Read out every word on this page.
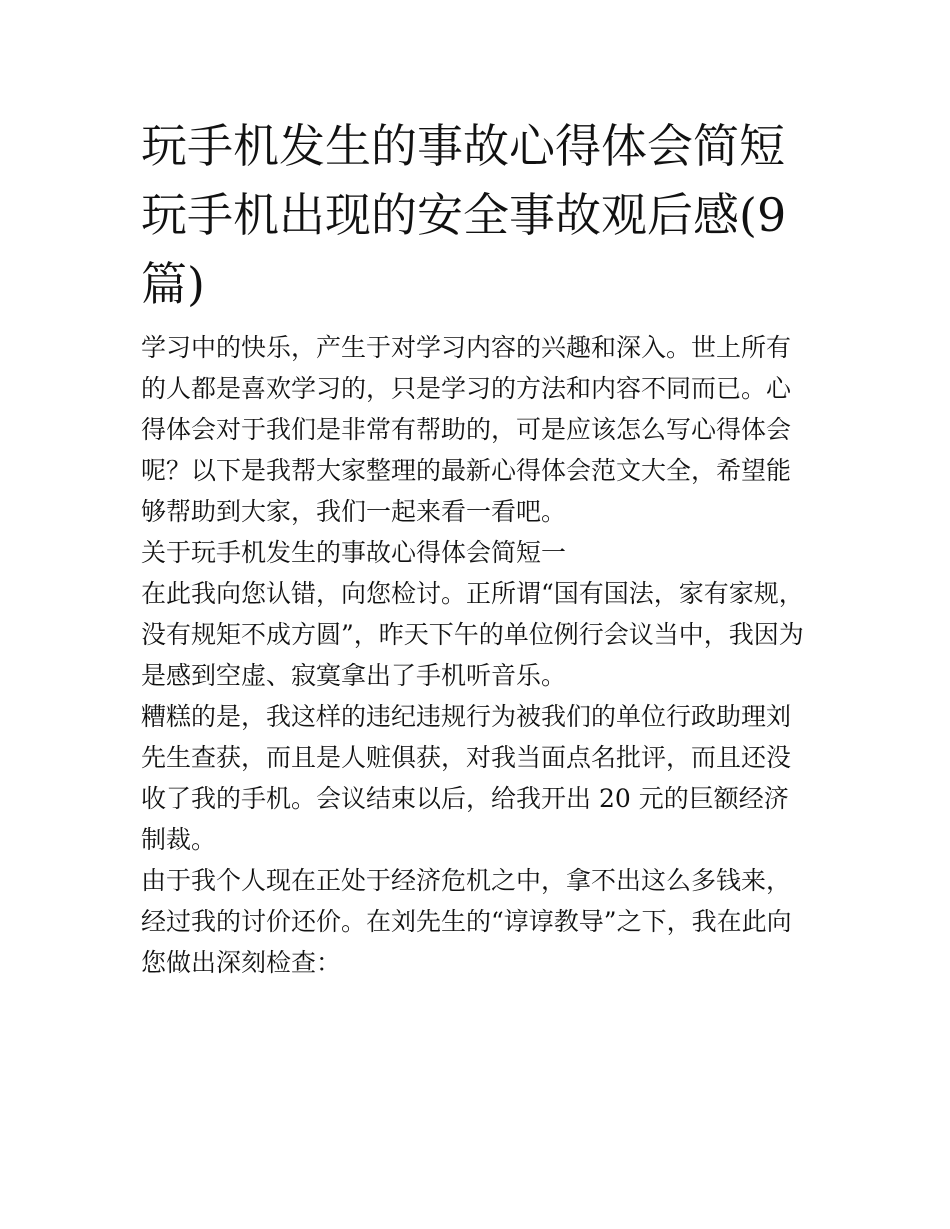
玩手机发生的事故心得体会简短 玩手机出现的安全事故观后感(9篇)

学习中的快乐，产生于对学习内容的兴趣和深入。世上所有的人都是喜欢学习的，只是学习的方法和内容不同而已。心得体会对于我们是非常有帮助的，可是应该怎么写心得体会呢？以下是我帮大家整理的最新心得体会范文大全，希望能够帮助到大家，我们一起来看一看吧。

关于玩手机发生的事故心得体会简短一

在此我向您认错，向您检讨。正所谓“国有国法，家有家规，没有规矩不成方圆”，昨天下午的单位例行会议当中，我因为是感到空虚、寂寞拿出了手机听音乐。

糟糕的是，我这样的违纪违规行为被我们的单位行政助理刘先生查获，而且是人赃俱获，对我当面点名批评，而且还没收了我的手机。会议结束以后，给我开出 20 元的巨额经济制裁。

由于我个人现在正处于经济危机之中，拿不出这么多钱来，经过我的讨价还价。在刘先生的“谆谆教导”之下，我在此向您做出深刻检查：
